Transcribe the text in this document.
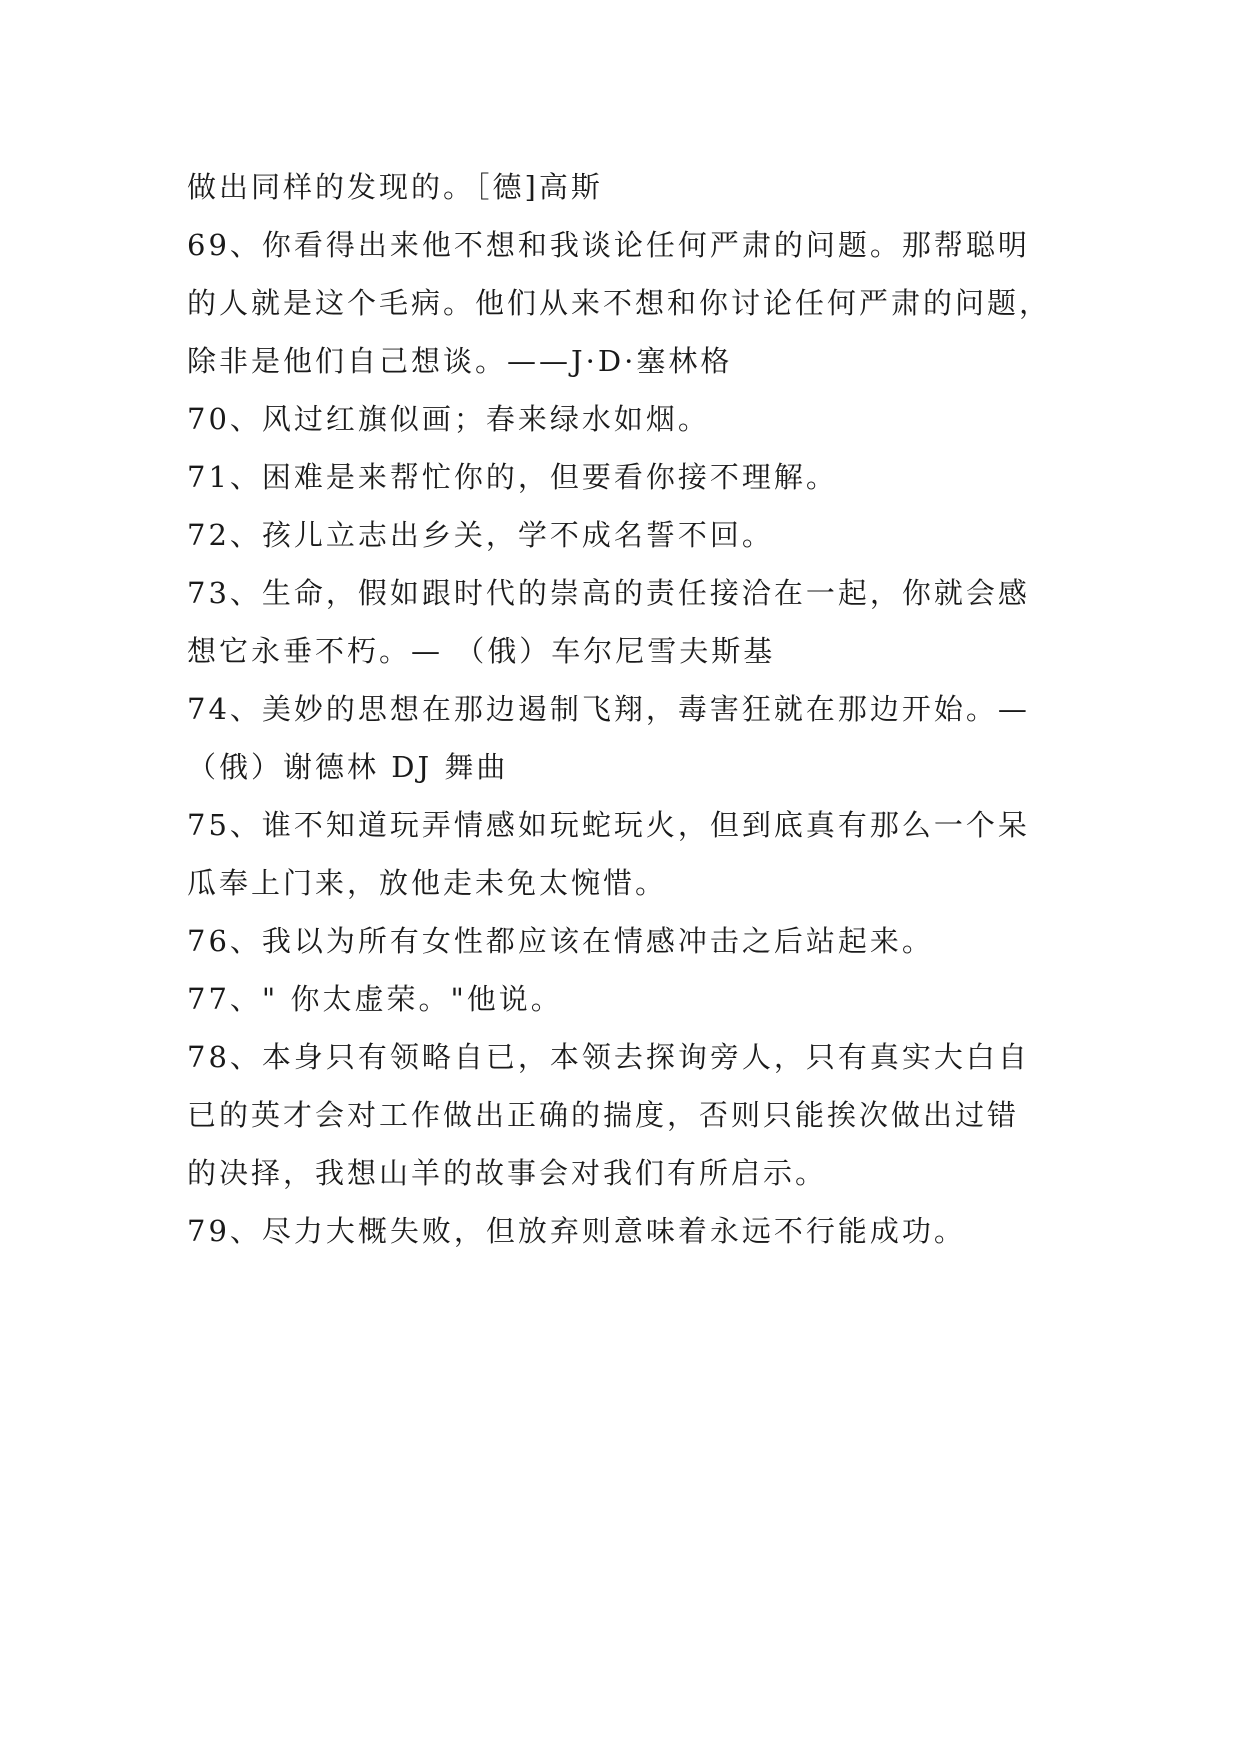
做出同样的发现的。［德]高斯
69、你看得出来他不想和我谈论任何严肃的问题。那帮聪明
的人就是这个毛病。他们从来不想和你讨论任何严肃的问题，
除非是他们自己想谈。——J·D·塞林格
70、风过红旗似画；春来绿水如烟。
71、困难是来帮忙你的，但要看你接不理解。
72、孩儿立志出乡关，学不成名誓不回。
73、生命，假如跟时代的崇高的责任接洽在一起，你就会感
想它永垂不朽。— （俄）车尔尼雪夫斯基
74、美妙的思想在那边遏制飞翔，毒害狂就在那边开始。—
（俄）谢德林 DJ 舞曲
75、谁不知道玩弄情感如玩蛇玩火，但到底真有那么一个呆
瓜奉上门来，放他走未免太惋惜。
76、我以为所有女性都应该在情感冲击之后站起来。
77、" 你太虚荣。"他说。
78、本身只有领略自已，本领去探询旁人，只有真实大白自
已的英才会对工作做出正确的揣度，否则只能挨次做出过错
的决择，我想山羊的故事会对我们有所启示。
79、尽力大概失败，但放弃则意味着永远不行能成功。
